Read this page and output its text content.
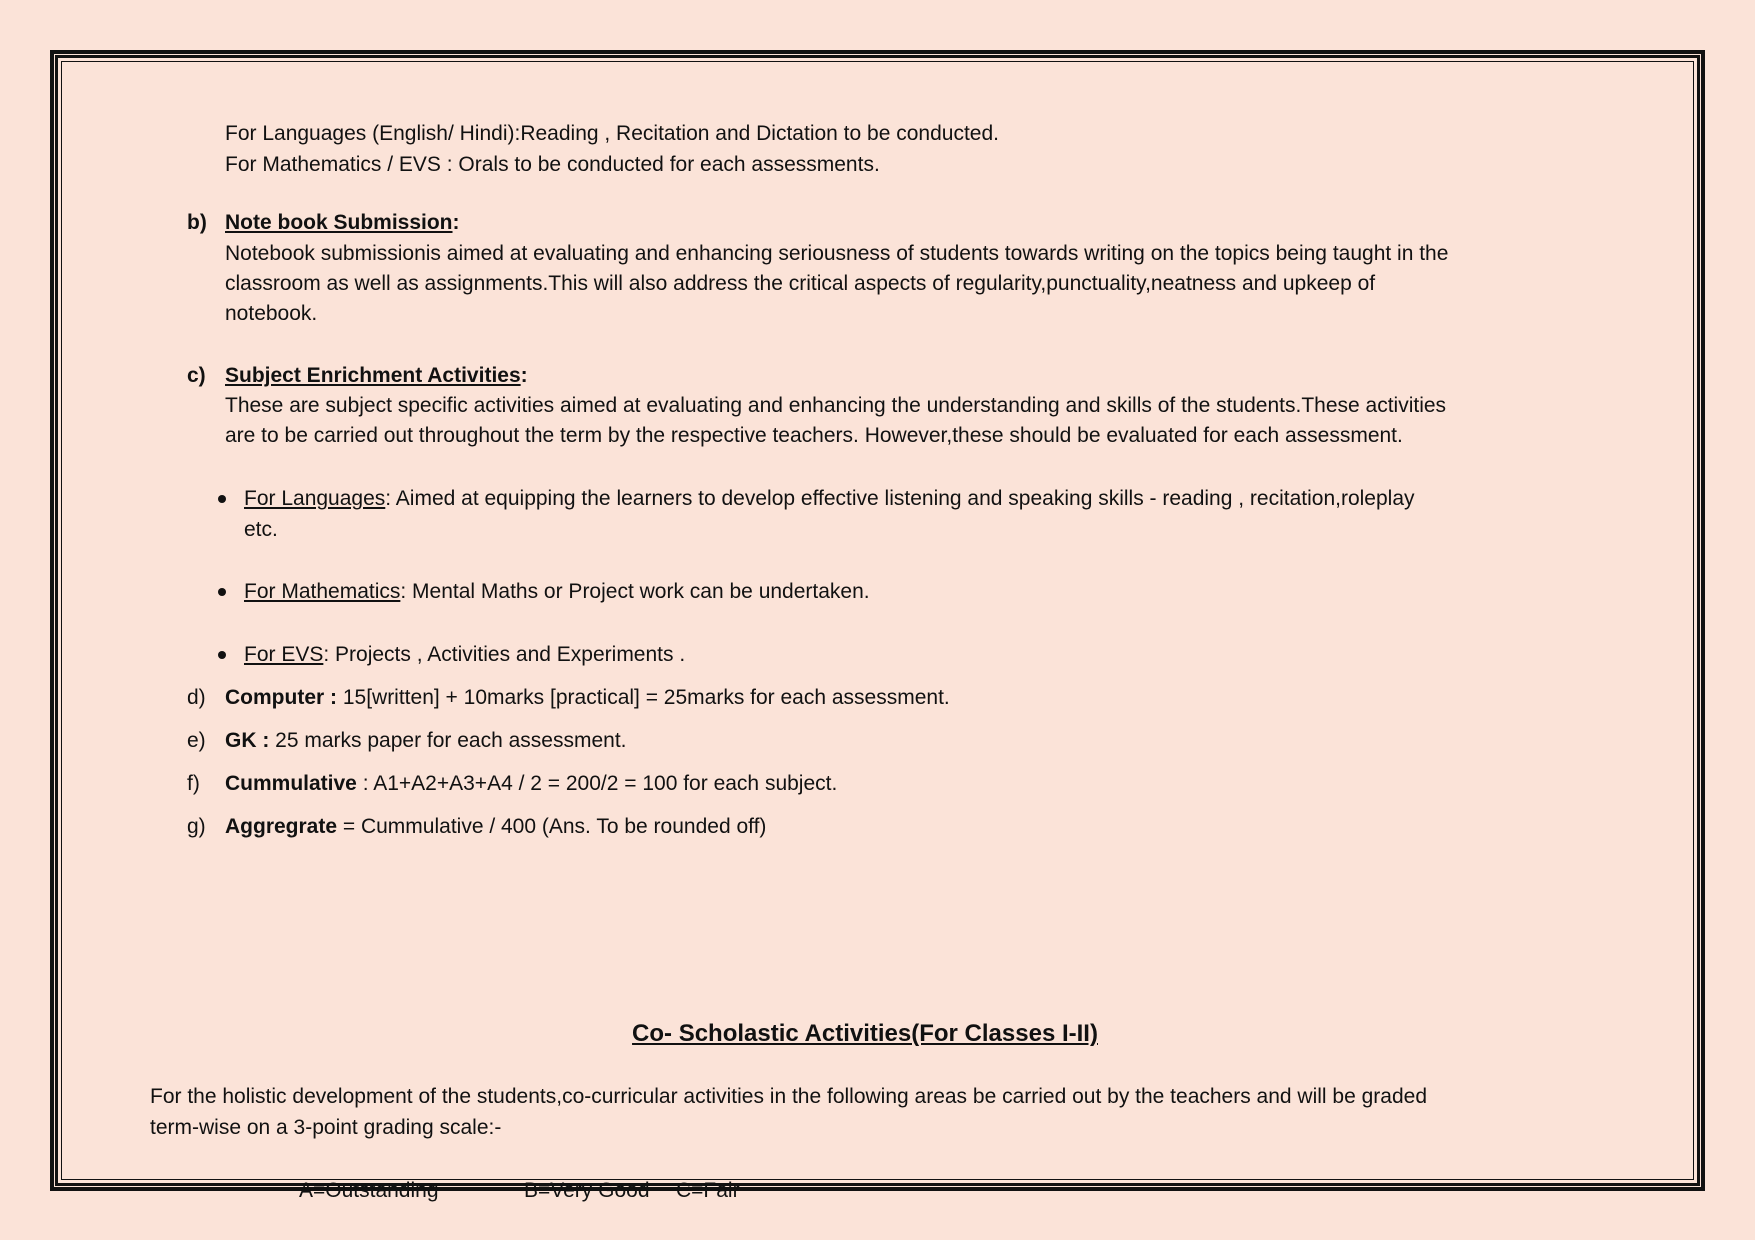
For Languages (English/ Hindi):Reading , Recitation and Dictation to be conducted.
For Mathematics / EVS : Orals to be conducted for each assessments.
b) Note book Submission:
Notebook submissionis aimed at evaluating and enhancing seriousness of students towards writing on the topics being taught in the
classroom as well as assignments.This will also address the critical aspects of regularity,punctuality,neatness and upkeep of
notebook.
c) Subject Enrichment Activities:
These are subject specific activities aimed at evaluating and enhancing the understanding and skills of the students.These activities
are to be carried out throughout the term by the respective teachers. However,these should be evaluated for each assessment.
For Languages: Aimed at equipping the learners to develop effective listening and speaking skills - reading , recitation,roleplay
etc.
For Mathematics: Mental Maths or Project work can be undertaken.
For EVS: Projects , Activities and Experiments .
d) Computer : 15[written] + 10marks [practical] = 25marks for each assessment.
e) GK : 25 marks paper for each assessment.
f) Cummulative : A1+A2+A3+A4 / 2 = 200/2 = 100 for each subject.
g) Aggregrate = Cummulative / 400 (Ans. To be rounded off)
Co- Scholastic Activities(For Classes I-II)
For the holistic development of the students,co-curricular activities in the following areas be carried out by the teachers and will be graded
term-wise on a 3-point grading scale:-
A=Outstanding	B=Very Good C=Fair
